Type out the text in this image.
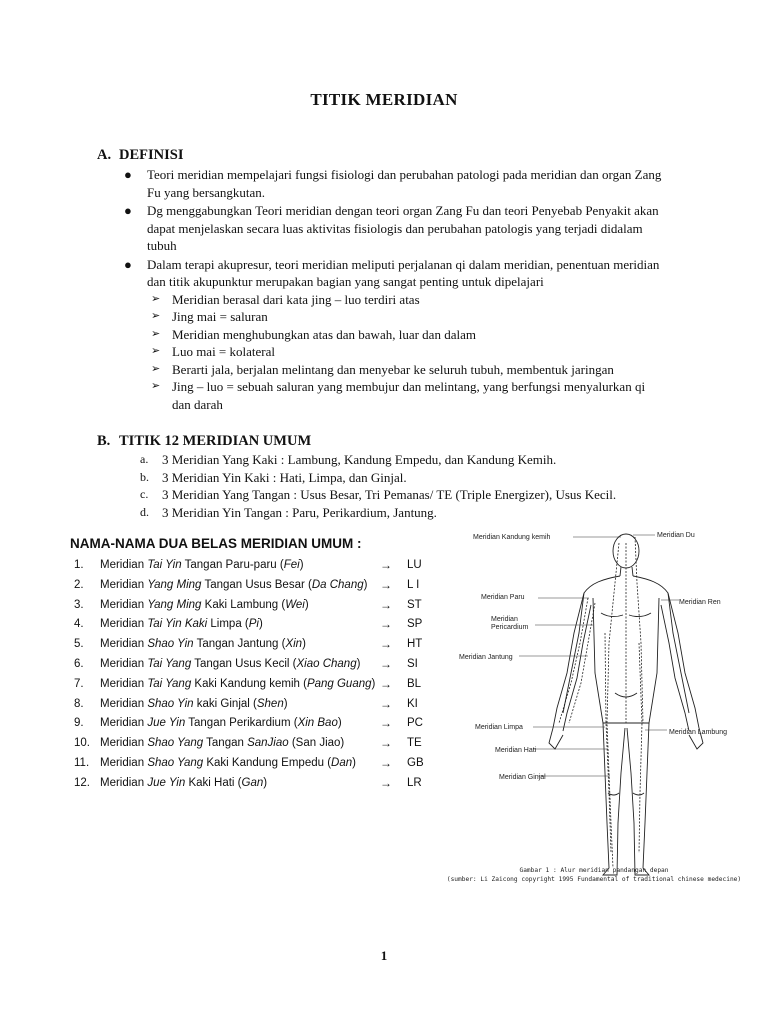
TITIK MERIDIAN
A. DEFINISI
● Teori meridian mempelajari fungsi fisiologi dan perubahan patologi pada meridian dan organ Zang Fu yang bersangkutan.
● Dg menggabungkan Teori meridian dengan teori organ Zang Fu dan teori Penyebab Penyakit akan dapat menjelaskan secara luas aktivitas fisiologis dan perubahan patologis yang terjadi didalam tubuh
● Dalam terapi akupresur, teori meridian meliputi perjalanan qi dalam meridian, penentuan meridian dan titik akupunktur merupakan bagian yang sangat penting untuk dipelajari
➢ Meridian berasal dari kata jing – luo terdiri atas
➢ Jing mai = saluran
➢ Meridian menghubungkan atas dan bawah, luar dan dalam
➢ Luo mai = kolateral
➢ Berarti jala, berjalan melintang dan menyebar ke seluruh tubuh, membentuk jaringan
➢ Jing – luo = sebuah saluran yang membujur dan melintang, yang berfungsi menyalurkan qi dan darah
B. TITIK 12 MERIDIAN UMUM
a. 3 Meridian Yang Kaki : Lambung, Kandung Empedu, dan Kandung Kemih.
b. 3 Meridian Yin Kaki : Hati, Limpa, dan Ginjal.
c. 3 Meridian Yang Tangan : Usus Besar, Tri Pemanas/ TE (Triple Energizer), Usus Kecil.
d. 3 Meridian Yin Tangan : Paru, Perikardium, Jantung.
NAMA-NAMA DUA BELAS MERIDIAN UMUM :
1. Meridian Tai Yin Tangan Paru-paru (Fei)	→ LU
2. Meridian Yang Ming Tangan Usus Besar (Da Chang) → L I
3. Meridian Yang Ming Kaki Lambung (Wei)	→ ST
4. Meridian Tai Yin Kaki Limpa (Pi)	→ SP
5. Meridian Shao Yin Tangan Jantung (Xin)	→ HT
6. Meridian Tai Yang Tangan Usus Kecil (Xiao Chang) → SI
7. Meridian Tai Yang Kaki Kandung kemih (Pang Guang) → BL
8. Meridian Shao Yin kaki Ginjal (Shen)	→ KI
9. Meridian Jue Yin Tangan Perikardium (Xin Bao)	→ PC
10. Meridian Shao Yang Tangan SanJiao (San Jiao)	→ TE
11. Meridian Shao Yang Kaki Kandung Empedu (Dan) → GB
12. Meridian Jue Yin Kaki Hati (Gan)	→ LR
Meridian Kandung kemih	Meridian Du
Meridian Paru
Meridian Ren
Meridian
Pericardium
Meridian Jantung
Meridian Limpa
Meridian Lambung
Meridian Hati
Meridian Ginjal
Gambar 1 : Alur meridian pandangan depan
(sumber: Li Zaicong copyright 1995 Fundamental of traditional chinese medecine)
1
